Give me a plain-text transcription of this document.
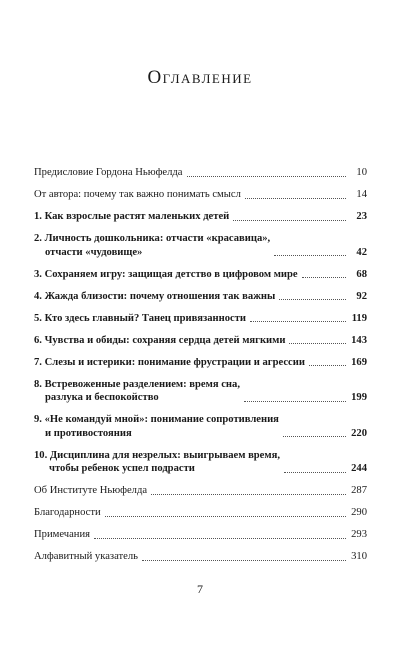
Оглавление
Предисловие Гордона Ньюфелда	10
От автора: почему так важно понимать смысл	14
1. Как взрослые растят маленьких детей	23
2. Личность дошкольника: отчасти «красавица»,
отчасти «чудовище»	42
3. Сохраняем игру: защищая детство в цифровом мире	68
4. Жажда близости: почему отношения так важны	92
5. Кто здесь главный? Танец привязанности	119
6. Чувства и обиды: сохраняя сердца детей мягкими	143
7. Слезы и истерики: понимание фрустрации и агрессии	169
8. Встревоженные разделением: время сна,
разлука и беспокойство	199
9. «Не командуй мной»: понимание сопротивления
и противостояния	220
10. Дисциплина для незрелых: выигрываем время,
чтобы ребенок успел подрасти	244
Об Институте Ньюфелда	287
Благодарности	290
Примечания	293
Алфавитный указатель	310
7
